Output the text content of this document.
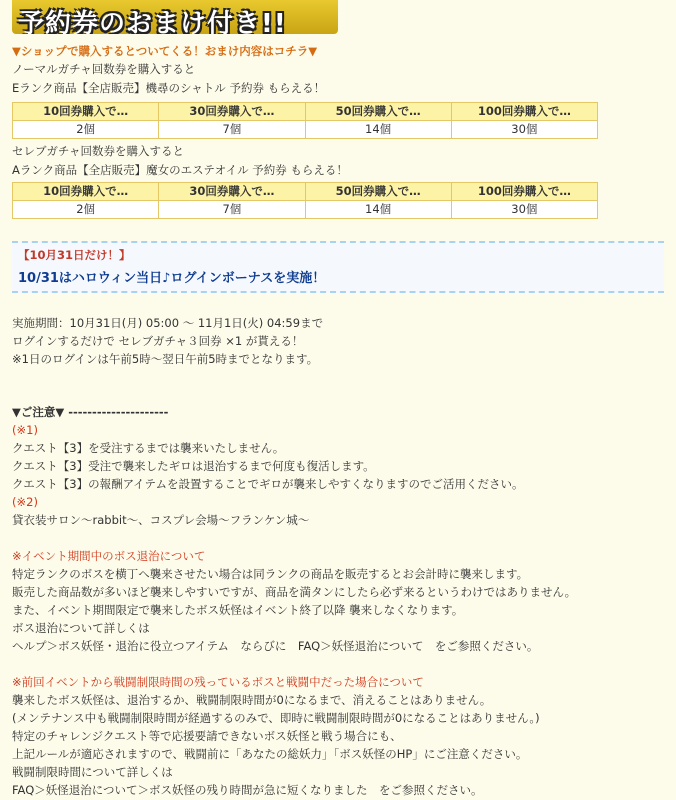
予約券のおまけ付き!!
▼ショップで購入するとついてくる！おまけ内容はコチラ▼
ノーマルガチャ回数券を購入すると
Eランク商品【全店販売】機尋のシャトル 予約券 もらえる！
10回券購入で…	30回券購入で…	50回券購入で…	100回券購入で…
2個	7個	14個	30個
セレブガチャ回数券を購入すると
Aランク商品【全店販売】魔女のエステオイル 予約券 もらえる！
10回券購入で…	30回券購入で…	50回券購入で…	100回券購入で…
2個	7個	14個	30個
【10月31日だけ！】
10/31はハロウィン当日♪ログインボーナスを実施！
実施期間：10月31日(月) 05:00 ～ 11月1日(火) 04:59まで
ログインするだけで セレブガチャ３回券 ×1 が貰える！
※1日のログインは午前5時～翌日午前5時までとなります。
▼ご注意▼ ---------------------
(※1)
クエスト【3】を受注するまでは襲来いたしません。
クエスト【3】受注で襲来したギロは退治するまで何度も復活します。
クエスト【3】の報酬アイテムを設置することでギロが襲来しやすくなりますのでご活用ください。
(※2)
貸衣装サロン～rabbit～、コスプレ会場～フランケン城～
※イベント期間中のボス退治について
特定ランクのボスを横丁へ襲来させたい場合は同ランクの商品を販売するとお会計時に襲来します。
販売した商品数が多いほど襲来しやすいですが、商品を満タンにしたら必ず来るというわけではありません。
また、イベント期間限定で襲来したボス妖怪はイベント終了以降 襲来しなくなります。
ボス退治について詳しくは
ヘルプ＞ボス妖怪・退治に役立つアイテム　ならびに　FAQ＞妖怪退治について　をご参照ください。
※前回イベントから戦闘制限時間の残っているボスと戦闘中だった場合について
襲来したボス妖怪は、退治するか、戦闘制限時間が0になるまで、消えることはありません。
(メンテナンス中も戦闘制限時間が経過するのみで、即時に戦闘制限時間が0になることはありません。)
特定のチャレンジクエスト等で応援要請できないボス妖怪と戦う場合にも、
上記ルールが適応されますので、戦闘前に「あなたの総妖力」「ボス妖怪のHP」にご注意ください。
戦闘制限時間について詳しくは
FAQ＞妖怪退治について＞ボス妖怪の残り時間が急に短くなりました　をご参照ください。
